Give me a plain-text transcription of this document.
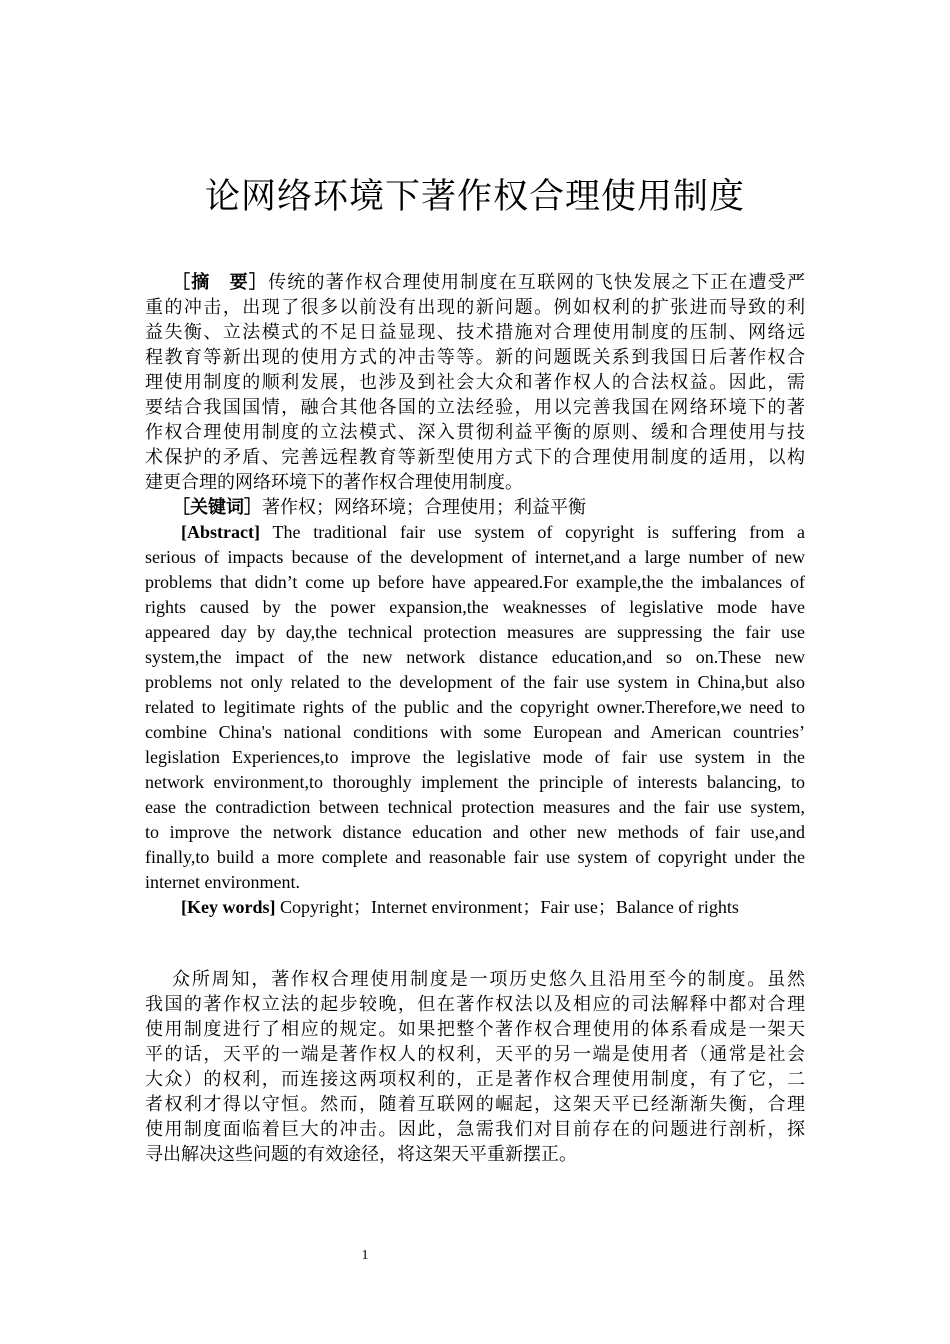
论网络环境下著作权合理使用制度
［摘　要］传统的著作权合理使用制度在互联网的飞快发展之下正在遭受严
重的冲击，出现了很多以前没有出现的新问题。例如权利的扩张进而导致的利
益失衡、立法模式的不足日益显现、技术措施对合理使用制度的压制、网络远
程教育等新出现的使用方式的冲击等等。新的问题既关系到我国日后著作权合
理使用制度的顺利发展，也涉及到社会大众和著作权人的合法权益。因此，需
要结合我国国情，融合其他各国的立法经验，用以完善我国在网络环境下的著
作权合理使用制度的立法模式、深入贯彻利益平衡的原则、缓和合理使用与技
术保护的矛盾、完善远程教育等新型使用方式下的合理使用制度的适用，以构
建更合理的网络环境下的著作权合理使用制度。
［关键词］著作权；网络环境；合理使用；利益平衡
[Abstract] The traditional fair use system of copyright is suffering from a
serious of impacts because of the development of internet,and a large number of new
problems that didn’t come up before have appeared.For example,the the imbalances of
rights caused by the power expansion,the weaknesses of legislative mode have
appeared day by day,the technical protection measures are suppressing the fair use
system,the impact of the new network distance education,and so on.These new
problems not only related to the development of the fair use system in China,but also
related to legitimate rights of the public and the copyright owner.Therefore,we need to
combine China's national conditions with some European and American countries’
legislation Experiences,to improve the legislative mode of fair use system in the
network environment,to thoroughly implement the principle of interests balancing, to
ease the contradiction between technical protection measures and the fair use system,
to improve the network distance education and other new methods of fair use,and
finally,to build a more complete and reasonable fair use system of copyright under the
internet environment.
[Key words] Copyright；Internet environment；Fair use；Balance of rights
众所周知，著作权合理使用制度是一项历史悠久且沿用至今的制度。虽然
我国的著作权立法的起步较晚，但在著作权法以及相应的司法解释中都对合理
使用制度进行了相应的规定。如果把整个著作权合理使用的体系看成是一架天
平的话，天平的一端是著作权人的权利，天平的另一端是使用者（通常是社会
大众）的权利，而连接这两项权利的，正是著作权合理使用制度，有了它，二
者权利才得以守恒。然而，随着互联网的崛起，这架天平已经渐渐失衡，合理
使用制度面临着巨大的冲击。因此，急需我们对目前存在的问题进行剖析，探
寻出解决这些问题的有效途径，将这架天平重新摆正。
1
